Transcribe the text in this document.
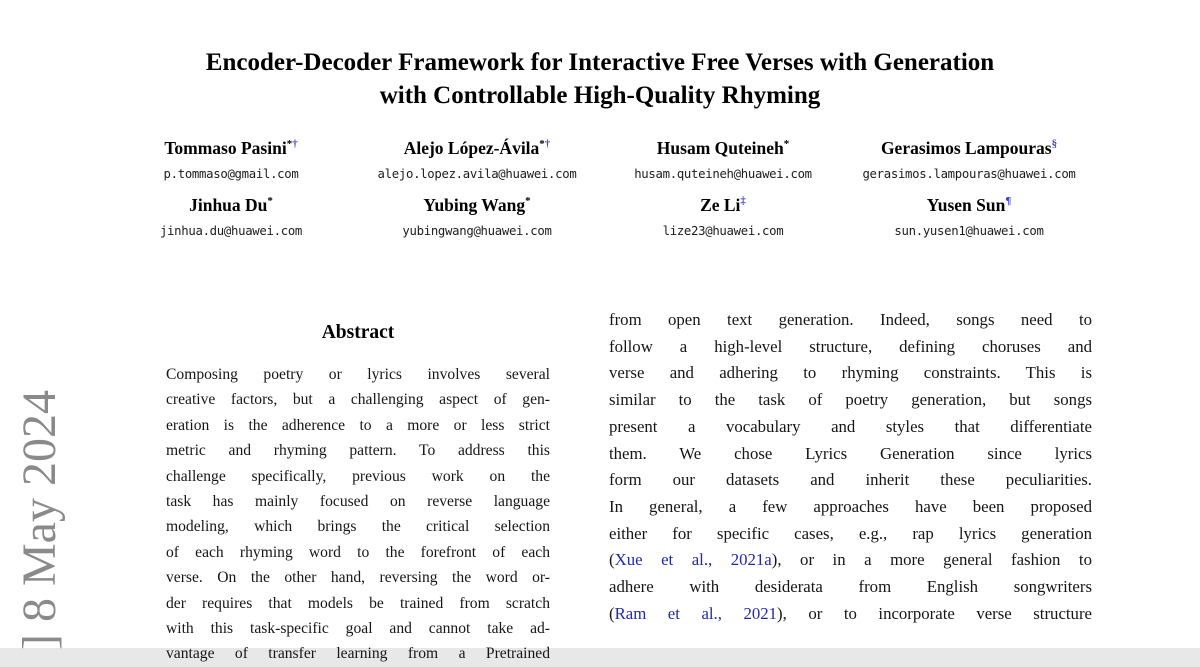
] 8 May 2024
Encoder-Decoder Framework for Interactive Free Verses with Generation
with Controllable High-Quality Rhyming
Tommaso Pasini*†
p.tommaso@gmail.com
Alejo López-Ávila*†
alejo.lopez.avila@huawei.com
Husam Quteineh*
husam.quteineh@huawei.com
Gerasimos Lampouras§
gerasimos.lampouras@huawei.com
Jinhua Du*
jinhua.du@huawei.com
Yubing Wang*
yubingwang@huawei.com
Ze Li‡
lize23@huawei.com
Yusen Sun¶
sun.yusen1@huawei.com
Abstract
Composing poetry or lyrics involves several
creative factors, but a challenging aspect of gen-
eration is the adherence to a more or less strict
metric and rhyming pattern. To address this
challenge specifically, previous work on the
task has mainly focused on reverse language
modeling, which brings the critical selection
of each rhyming word to the forefront of each
verse. On the other hand, reversing the word or-
der requires that models be trained from scratch
with this task-specific goal and cannot take ad-
vantage of transfer learning from a Pretrained
from open text generation. Indeed, songs need to
follow a high-level structure, defining choruses and
verse and adhering to rhyming constraints. This is
similar to the task of poetry generation, but songs
present a vocabulary and styles that differentiate
them. We chose Lyrics Generation since lyrics
form our datasets and inherit these peculiarities.
In general, a few approaches have been proposed
either for specific cases, e.g., rap lyrics generation
(Xue et al., 2021a), or in a more general fashion to
adhere with desiderata from English songwriters
(Ram et al., 2021), or to incorporate verse structure
